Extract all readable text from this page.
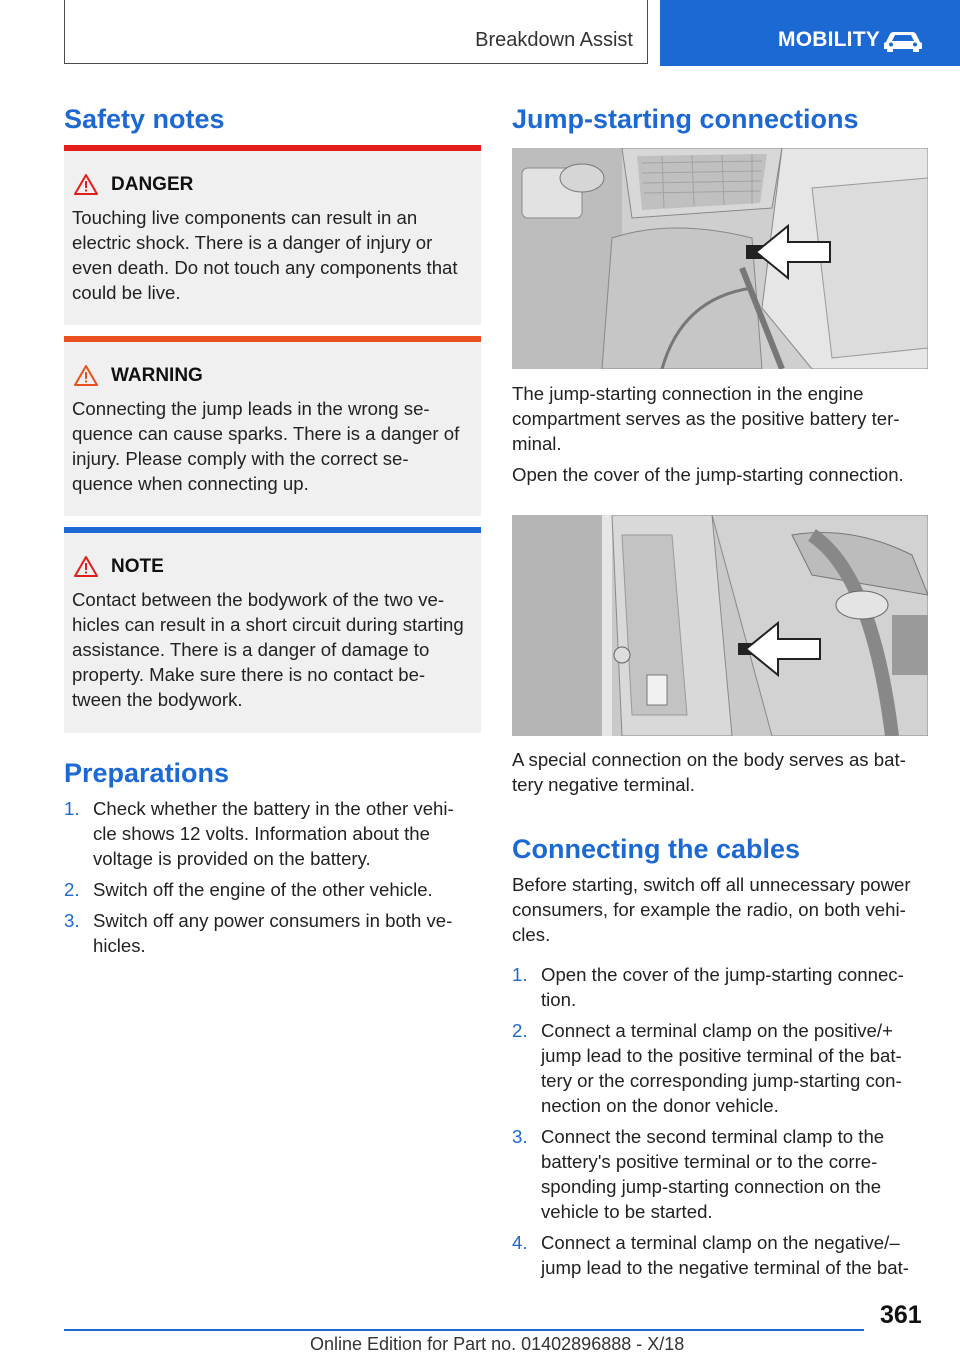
Breakdown Assist	MOBILITY
Safety notes
DANGER
Touching live components can result in an
electric shock. There is a danger of injury or
even death. Do not touch any components that
could be live.
WARNING
Connecting the jump leads in the wrong se‐
quence can cause sparks. There is a danger of
injury. Please comply with the correct se‐
quence when connecting up.
NOTE
Contact between the bodywork of the two ve‐
hicles can result in a short circuit during starting
assistance. There is a danger of damage to
property. Make sure there is no contact be‐
tween the bodywork.
Preparations
1. Check whether the battery in the other vehi‐
cle shows 12 volts. Information about the
voltage is provided on the battery.
2. Switch off the engine of the other vehicle.
3. Switch off any power consumers in both ve‐
hicles.
Jump-starting connections
The jump-starting connection in the engine
compartment serves as the positive battery ter‐
minal.
Open the cover of the jump-starting connection.
A special connection on the body serves as bat‐
tery negative terminal.
Connecting the cables
Before starting, switch off all unnecessary power
consumers, for example the radio, on both vehi‐
cles.
1. Open the cover of the jump-starting connec‐
tion.
2. Connect a terminal clamp on the positive/+
jump lead to the positive terminal of the bat‐
tery or the corresponding jump-starting con‐
nection on the donor vehicle.
3. Connect the second terminal clamp to the
battery's positive terminal or to the corre‐
sponding jump-starting connection on the
vehicle to be started.
4. Connect a terminal clamp on the negative/–
jump lead to the negative terminal of the bat‐
361
Online Edition for Part no. 01402896888 - X/18
